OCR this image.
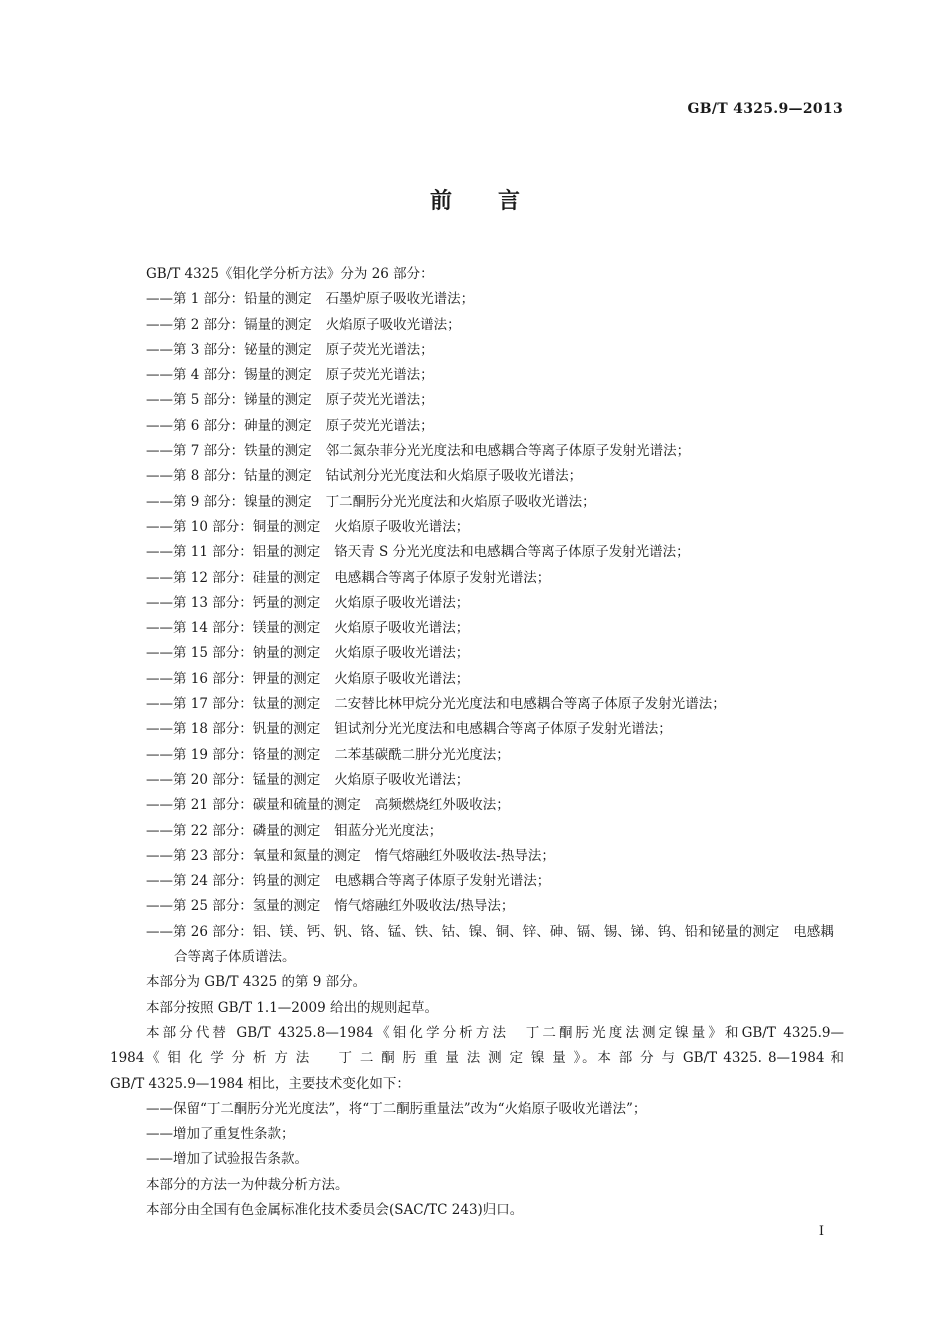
GB/T 4325.9—2013
前言
GB/T 4325《钼化学分析方法》分为 26 部分：
——第 1 部分：铅量的测定 石墨炉原子吸收光谱法；
——第 2 部分：镉量的测定 火焰原子吸收光谱法；
——第 3 部分：铋量的测定 原子荧光光谱法；
——第 4 部分：锡量的测定 原子荧光光谱法；
——第 5 部分：锑量的测定 原子荧光光谱法；
——第 6 部分：砷量的测定 原子荧光光谱法；
——第 7 部分：铁量的测定 邻二氮杂菲分光光度法和电感耦合等离子体原子发射光谱法；
——第 8 部分：钴量的测定 钴试剂分光光度法和火焰原子吸收光谱法；
——第 9 部分：镍量的测定 丁二酮肟分光光度法和火焰原子吸收光谱法；
——第 10 部分：铜量的测定 火焰原子吸收光谱法；
——第 11 部分：铝量的测定 铬天青 S 分光光度法和电感耦合等离子体原子发射光谱法；
——第 12 部分：硅量的测定 电感耦合等离子体原子发射光谱法；
——第 13 部分：钙量的测定 火焰原子吸收光谱法；
——第 14 部分：镁量的测定 火焰原子吸收光谱法；
——第 15 部分：钠量的测定 火焰原子吸收光谱法；
——第 16 部分：钾量的测定 火焰原子吸收光谱法；
——第 17 部分：钛量的测定 二安替比林甲烷分光光度法和电感耦合等离子体原子发射光谱法；
——第 18 部分：钒量的测定 钽试剂分光光度法和电感耦合等离子体原子发射光谱法；
——第 19 部分：铬量的测定 二苯基碳酰二肼分光光度法；
——第 20 部分：锰量的测定 火焰原子吸收光谱法；
——第 21 部分：碳量和硫量的测定 高频燃烧红外吸收法；
——第 22 部分：磷量的测定 钼蓝分光光度法；
——第 23 部分：氧量和氮量的测定 惰气熔融红外吸收法-热导法；
——第 24 部分：钨量的测定 电感耦合等离子体原子发射光谱法；
——第 25 部分：氢量的测定 惰气熔融红外吸收法/热导法；
——第 26 部分：铝、镁、钙、钒、铬、锰、铁、钴、镍、铜、锌、砷、镉、锡、锑、钨、铅和铋量的测定 电感耦
合等离子体质谱法。
本部分为 GB/T 4325 的第 9 部分。
本部分按照 GB/T 1.1—2009 给出的规则起草。
本部分代替 GB/T 4325.8—1984《钼化学分析方法　丁二酮肟光度法测定镍量》和GB/T 4325.9—
1984《 钼 化 学 分 析 方 法 　 丁 二 酮 肟 重 量 法 测 定 镍 量 》。本 部 分 与 GB/T 4325. 8—1984 和
GB/T 4325.9—1984 相比，主要技术变化如下：
——保留“丁二酮肟分光光度法”，将“丁二酮肟重量法”改为“火焰原子吸收光谱法”；
——增加了重复性条款；
——增加了试验报告条款。
本部分的方法一为仲裁分析方法。
本部分由全国有色金属标准化技术委员会(SAC/TC 243)归口。
I
